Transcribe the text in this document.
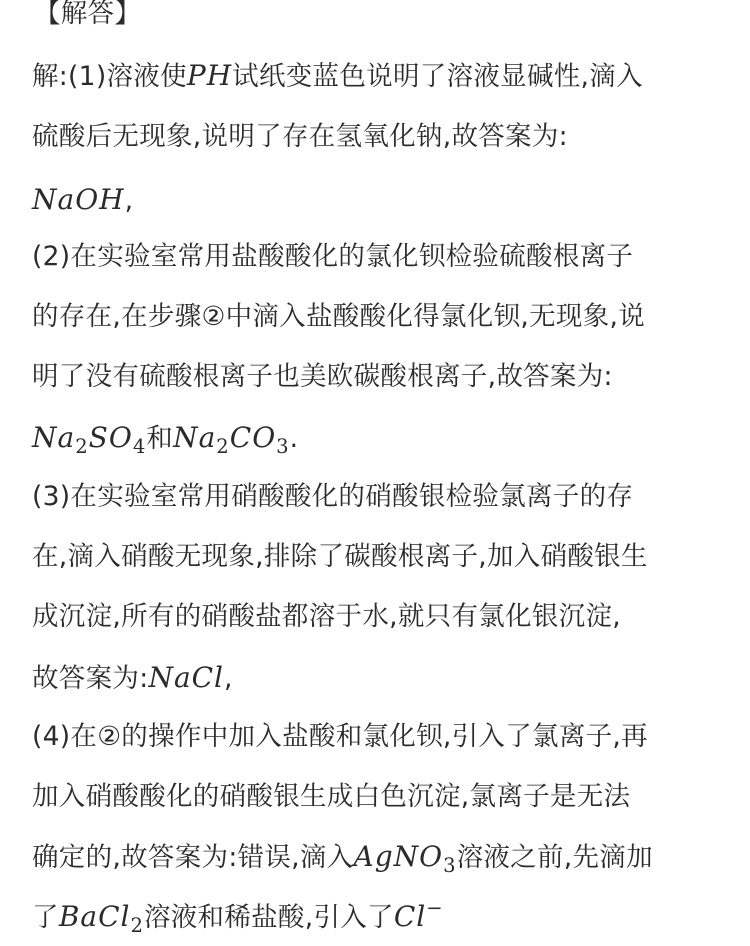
【解答】
解:(1)溶液使PH试纸变蓝色说明了溶液显碱性,滴入
硫酸后无现象,说明了存在氢氧化钠,故答案为:
NaOH,
(2)在实验室常用盐酸酸化的氯化钡检验硫酸根离子
的存在,在步骤②中滴入盐酸酸化得氯化钡,无现象,说
明了没有硫酸根离子也美欧碳酸根离子,故答案为:
$Na_2SO_4$和$Na_2CO_3$.
(3)在实验室常用硝酸酸化的硝酸银检验氯离子的存
在,滴入硝酸无现象,排除了碳酸根离子,加入硝酸银生
成沉淀,所有的硝酸盐都溶于水,就只有氯化银沉淀,
故答案为:NaCl,
(4)在②的操作中加入盐酸和氯化钡,引入了氯离子,再
加入硝酸酸化的硝酸银生成白色沉淀,氯离子是无法
确定的,故答案为:错误,滴入AgNO$_3$溶液之前,先滴加
了BaCl$_2$溶液和稀盐酸,引入了Cl−
